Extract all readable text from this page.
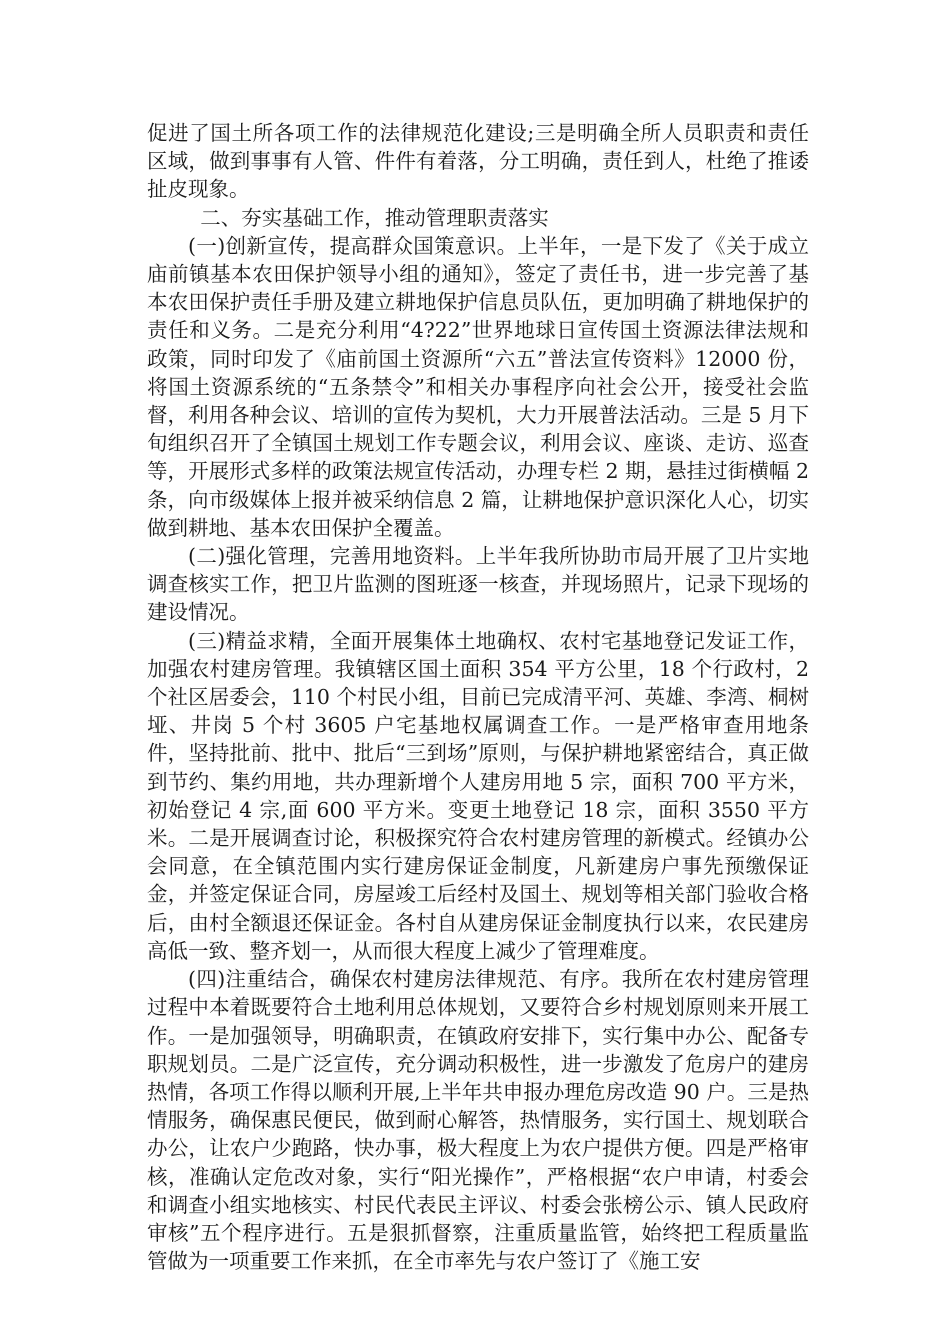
促进了国土所各项工作的法律规范化建设;三是明确全所人员职责和责任区域，做到事事有人管、件件有着落，分工明确，责任到人，杜绝了推诿扯皮现象。

二、夯实基础工作，推动管理职责落实

(一)创新宣传，提高群众国策意识。上半年，一是下发了《关于成立庙前镇基本农田保护领导小组的通知》，签定了责任书，进一步完善了基本农田保护责任手册及建立耕地保护信息员队伍，更加明确了耕地保护的责任和义务。二是充分利用“4?22”世界地球日宣传国土资源法律法规和政策，同时印发了《庙前国土资源所“六五”普法宣传资料》12000 份，将国土资源系统的“五条禁令”和相关办事程序向社会公开，接受社会监督，利用各种会议、培训的宣传为契机，大力开展普法活动。三是 5 月下旬组织召开了全镇国土规划工作专题会议，利用会议、座谈、走访、巡查等，开展形式多样的政策法规宣传活动，办理专栏 2 期，悬挂过街横幅 2 条，向市级媒体上报并被采纳信息 2 篇，让耕地保护意识深化人心，切实做到耕地、基本农田保护全覆盖。

(二)强化管理，完善用地资料。上半年我所协助市局开展了卫片实地调查核实工作，把卫片监测的图班逐一核查，并现场照片，记录下现场的建设情况。

(三)精益求精，全面开展集体土地确权、农村宅基地登记发证工作，加强农村建房管理。我镇辖区国土面积 354 平方公里，18 个行政村，2 个社区居委会，110 个村民小组，目前已完成清平河、英雄、李湾、桐树垭、井岗 5 个村 3605 户宅基地权属调查工作。一是严格审查用地条件，坚持批前、批中、批后“三到场”原则，与保护耕地紧密结合，真正做到节约、集约用地，共办理新增个人建房用地 5 宗，面积 700 平方米，初始登记 4 宗,面 600 平方米。变更土地登记 18 宗，面积 3550 平方米。二是开展调查讨论，积极探究符合农村建房管理的新模式。经镇办公会同意，在全镇范围内实行建房保证金制度，凡新建房户事先预缴保证金，并签定保证合同，房屋竣工后经村及国土、规划等相关部门验收合格后，由村全额退还保证金。各村自从建房保证金制度执行以来，农民建房高低一致、整齐划一，从而很大程度上减少了管理难度。

(四)注重结合，确保农村建房法律规范、有序。我所在农村建房管理过程中本着既要符合土地利用总体规划，又要符合乡村规划原则来开展工作。一是加强领导，明确职责，在镇政府安排下，实行集中办公、配备专职规划员。二是广泛宣传，充分调动积极性，进一步激发了危房户的建房热情，各项工作得以顺利开展,上半年共申报办理危房改造 90 户。三是热情服务，确保惠民便民，做到耐心解答，热情服务，实行国土、规划联合办公，让农户少跑路，快办事，极大程度上为农户提供方便。四是严格审核，准确认定危改对象，实行“阳光操作”，严格根据“农户申请，村委会和调查小组实地核实、村民代表民主评议、村委会张榜公示、镇人民政府审核”五个程序进行。五是狠抓督察，注重质量监管，始终把工程质量监管做为一项重要工作来抓，在全市率先与农户签订了《施工安
